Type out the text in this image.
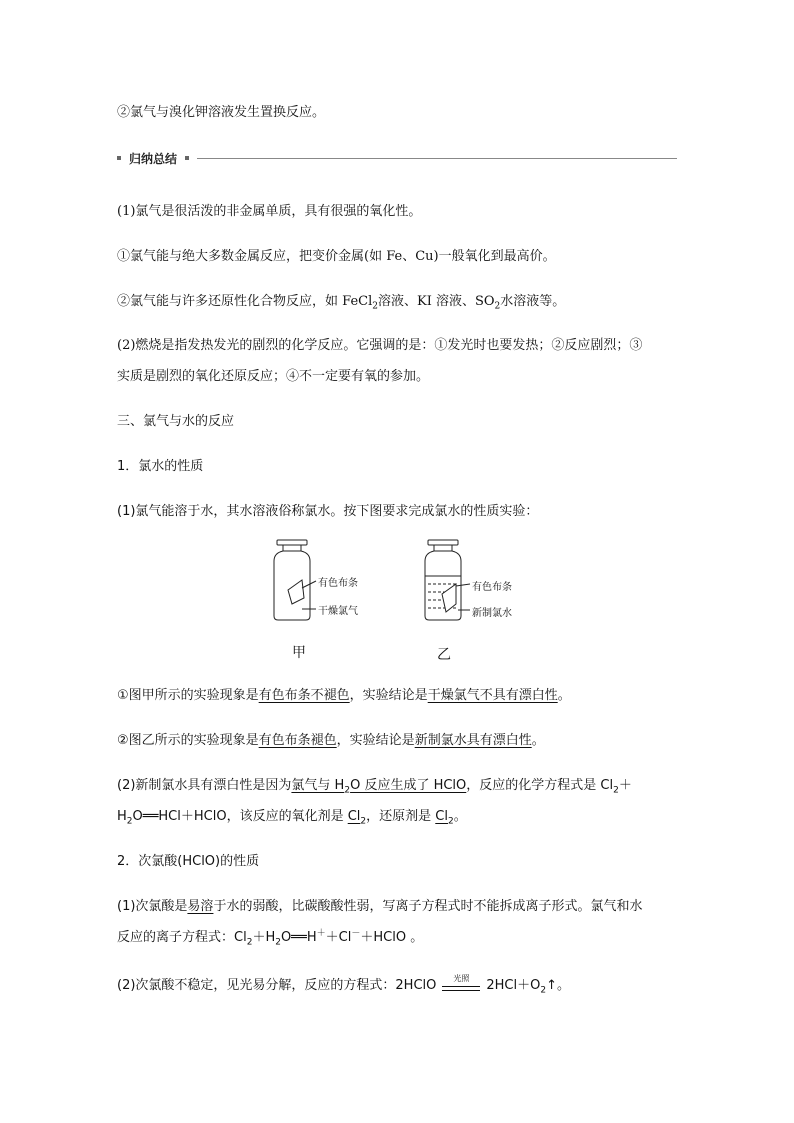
②氯气与溴化钾溶液发生置换反应。
归纳总结
(1)氯气是很活泼的非金属单质，具有很强的氧化性。
①氯气能与绝大多数金属反应，把变价金属(如 Fe、Cu)一般氧化到最高价。
②氯气能与许多还原性化合物反应，如 FeCl$_2$溶液、KI 溶液、$SO_2$水溶液等。
(2)燃烧是指发热发光的剧烈的化学反应。它强调的是：①发光时也要发热；②反应剧烈；③
实质是剧烈的氧化还原反应；④不一定要有氧的参加。
三、氯气与水的反应
1．氯水的性质
(1)氯气能溶于水，其水溶液俗称氯水。按下图要求完成氯水的性质实验：
有色布条
干燥氯气
有色布条
新制氯水
甲	乙
①图甲所示的实验现象是有色布条不褪色，实验结论是干燥氯气不具有漂白性。
②图乙所示的实验现象是有色布条褪色，实验结论是新制氯水具有漂白性。
(2)新制氯水具有漂白性是因为氯气与 $H_2O$ 反应生成了 HClO，反应的化学方程式是 $Cl_2+$
$H_2O══HCl+HClO$，该反应的氧化剂是 $Cl_2$，还原剂是 $Cl_2$。
2．次氯酸(HClO)的性质
(1)次氯酸是易溶于水的弱酸，比碳酸酸性弱，写离子方程式时不能拆成离子形式。氯气和水
反应的离子方程式：$Cl_2+H_2O══H^++Cl^-+HClO$ 。
(2)次氯酸不稳定，见光易分解，反应的方程式：2HClO	光照	$2HCl+O_2↑$。
